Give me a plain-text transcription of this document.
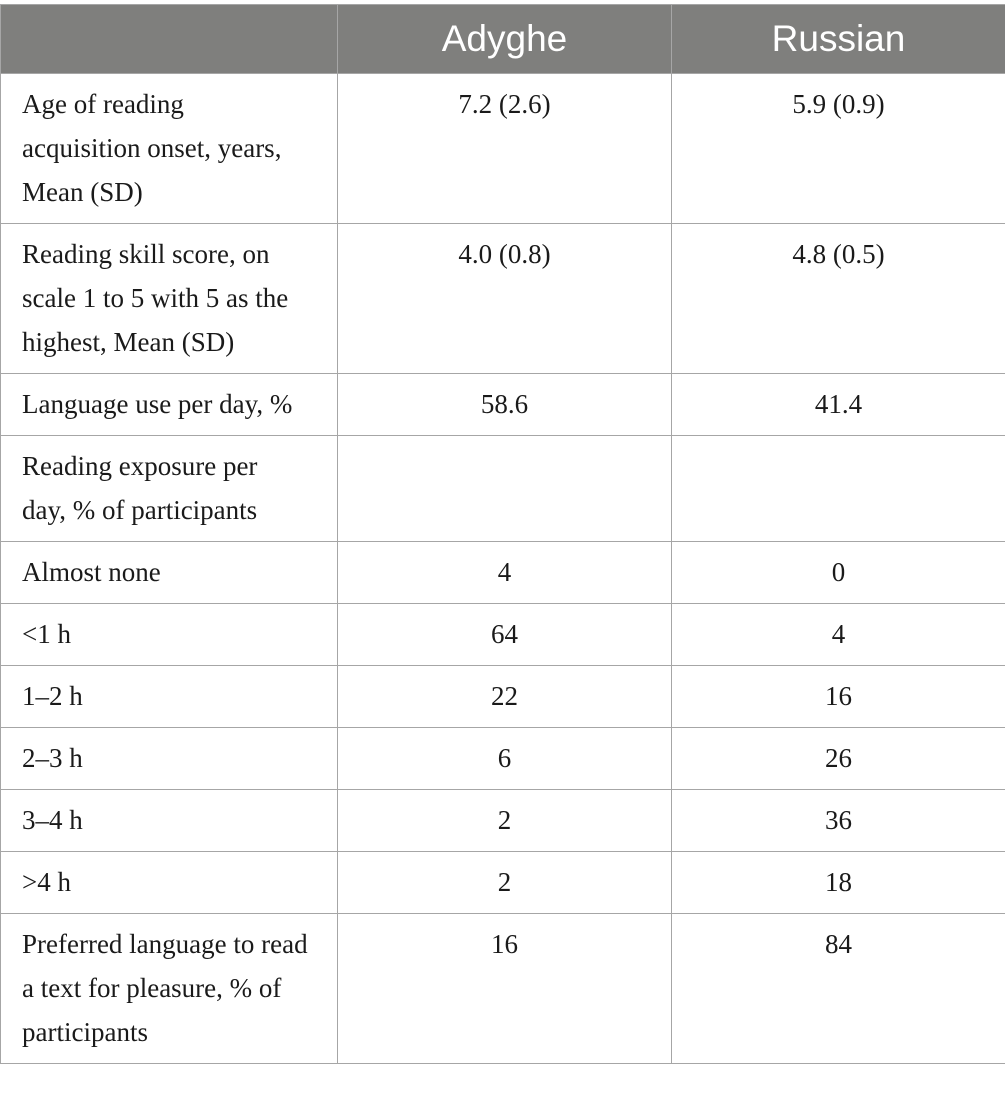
	Adyghe	Russian
Age of reading acquisition onset, years, Mean (SD)	7.2 (2.6)	5.9 (0.9)
Reading skill score, on scale 1 to 5 with 5 as the highest, Mean (SD)	4.0 (0.8)	4.8 (0.5)
Language use per day, %	58.6	41.4
Reading exposure per day, % of participants		
Almost none	4	0
<1 h	64	4
1–2 h	22	16
2–3 h	6	26
3–4 h	2	36
>4 h	2	18
Preferred language to read a text for pleasure, % of participants	16	84
